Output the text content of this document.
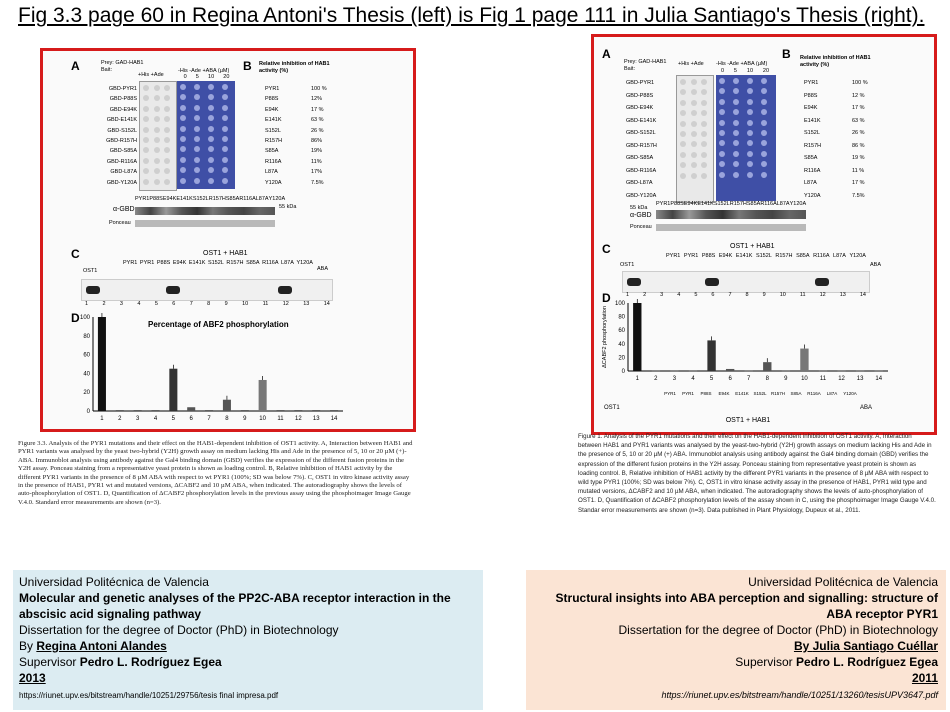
Fig 3.3 page 60 in Regina Antoni's Thesis (left) is Fig 1 page 111 in Julia Santiago's Thesis (right).
A	B
Prey: GAD-HAB1
Bait:
+His +Ade
-His -Ade +ABA (µM)
0 5 10 20
GBD-PYR1
GBD-P88S
GBD-E94K
GBD-E141K
GBD-S152L
GBD-R157H
GBD-S85A
GBD-R116A
GBD-L87A
GBD-Y120A
Relative inhibition of HAB1 activity (%)
PYR1	100 %
P88S	12%
E94K	17 %
E141K	63 %
S152L	26 %
R157H	86%
S85A	19%
R116A	11%
L87A	17%
Y120A	7.5%
PYR1 P88S E94K E141K S152L R157H S85A R116A L87A Y120A
α-GBD	55 kDa
Ponceau
C	OST1 + HAB1
PYR1 PYR1 P88S E94K E141K S152L R157H S85A R116A L87A Y120A
OST1	ABA
1	2	3	4	5	6	7	8	9	10	11	12	13	14
D
0
20
40
60
80
100
1 2 3 4 5 6 7 8 9 10 11 12 13 14
Percentage of ABF2 phosphorylation
A	B
Prey: GAD-HAB1
Bait:
+His +Ade -His -Ade +ABA (µM)
0 5 10 20
GBD-PYR1
GBD-P88S
GBD-E94K
GBD-E141K
GBD-S152L
GBD-R157H
GBD-S85A
GBD-R116A
GBD-L87A
GBD-Y120A
Relative inhibition of HAB1 activity (%)
PYR1	100 %
P88S	12 %
E94K	17 %
E141K	63 %
S152L	26 %
R157H	86 %
S85A	19 %
R116A	11 %
L87A	17 %
Y120A	7.5%
55 kDa
PYR1 P88S E94K E141K S152L R157H S85A R116A L87A Y120A
α-GBD
Ponceau
C	OST1 + HAB1
PYR1 PYR1 P88S E94K E141K S152L R157H S85A R116A L87A Y120A
OST1	ABA
1	2	3	4	5	6	7	8	9	10	11	12	13	14
D
0
20
40
60
80
100
1	2	3	4	5	6	7	8	9 10 11 12 13 14
ΔCABF2 phosphorylation
OST1	ABA
OST1 + HAB1
PYR1 PYR1 P88S E94K E141K S152L R157H S85A R116A L87A Y120A
Figure 3.3. Analysis of the PYR1 mutations and their effect on the HAB1-dependent inhibition of OST1 activity. A, Interaction between HAB1 and PYR1 variants was analysed by the yeast two-hybrid (Y2H) growth assay on medium lacking His and Ade in the presence of 5, 10 or 20 µM (+)-ABA. Immunoblot analysis using antibody against the Gal4 binding domain (GBD) verifies the expression of the different fusion proteins in the Y2H assay. Ponceau staining from a representative yeast protein is shown as loading control. B, Relative inhibition of HAB1 activity by the different PYR1 variants in the presence of 8 µM ABA with respect to wt PYR1 (100%; SD was below 7%). C, OST1 in vitro kinase activity assay in the presence of HAB1, PYR1 wt and mutated versions, ΔCABF2 and 10 µM ABA, when indicated. The autoradiography shows the levels of auto-phosphorylation of OST1. D, Quantification of ΔCABF2 phosphorylation levels in the previous assay using the phosphoimager Image Gauge V.4.0. Standard error measurements are shown (n=3).
Figure 1. Analysis of the PYR1 mutations and their effect on the HAB1-dependent inhibition of OST1 activity. A, Interaction between HAB1 and PYR1 variants was analysed by the yeast-two-hybrid (Y2H) growth assays on medium lacking His and Ade in the presence of 5, 10 or 20 µM (+) ABA. Immunoblot analysis using antibody against the Gal4 binding domain (GBD) verifies the expression of the different fusion proteins in the Y2H assay. Ponceau staining from representative yeast protein is shown as loading control. B, Relative inhibition of HAB1 activity by the different PYR1 variants in the presence of 8 µM ABA with respect to wild type PYR1 (100%; SD was below 7%). C, OST1 in vitro kinase activity assay in the presence of HAB1, PYR1 wild type and mutated versions, ΔCABF2 and 10 µM ABA, when indicated. The autoradiography shows the levels of auto-phosphorylation of OST1. D, Quantification of ΔCABF2 phosphorylation levels of the assay shown in C, using the phosphoimager Image Gauge V.4.0. Standar error measurements are shown (n=3). Data published in Plant Physiology, Dupeux et al., 2011.
Universidad Politécnica de Valencia
Molecular and genetic analyses of the PP2C-ABA receptor interaction in the
abscisic acid signaling pathway
Dissertation for the degree of Doctor (PhD) in Biotechnology
By Regina Antoni Alandes
Supervisor Pedro L. Rodríguez Egea
2013
https://riunet.upv.es/bitstream/handle/10251/29756/tesis final impresa.pdf
Universidad Politécnica de Valencia
Structural insights into ABA perception and signalling: structure of
ABA receptor PYR1
Dissertation for the degree of Doctor (PhD) in Biotechnology
By Julia Santiago Cuéllar
Supervisor Pedro L. Rodríguez Egea
2011
https://riunet.upv.es/bitstream/handle/10251/13260/tesisUPV3647.pdf
